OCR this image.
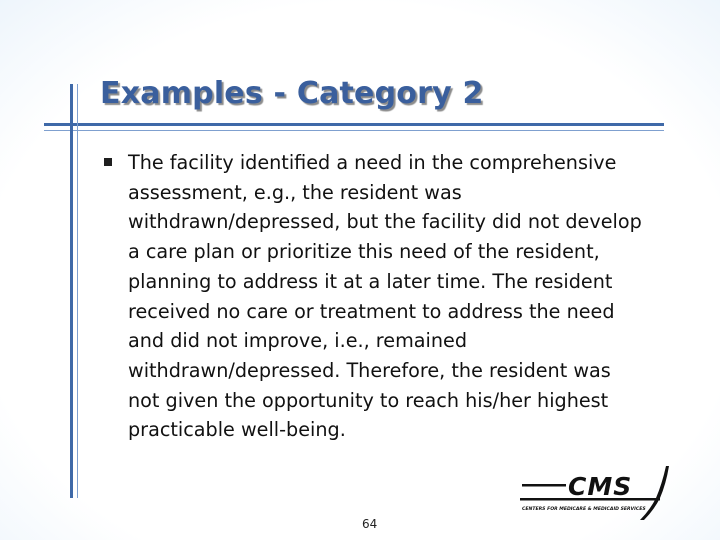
Examples - Category 2

The facility identified a need in the comprehensive
assessment, e.g., the resident was
withdrawn/depressed, but the facility did not develop
a care plan or prioritize this need of the resident,
planning to address it at a later time. The resident
received no care or treatment to address the need
and did not improve, i.e., remained
withdrawn/depressed. Therefore, the resident was
not given the opportunity to reach his/her highest
practicable well-being.

CMS
CENTERS FOR MEDICARE & MEDICAID SERVICES
64
